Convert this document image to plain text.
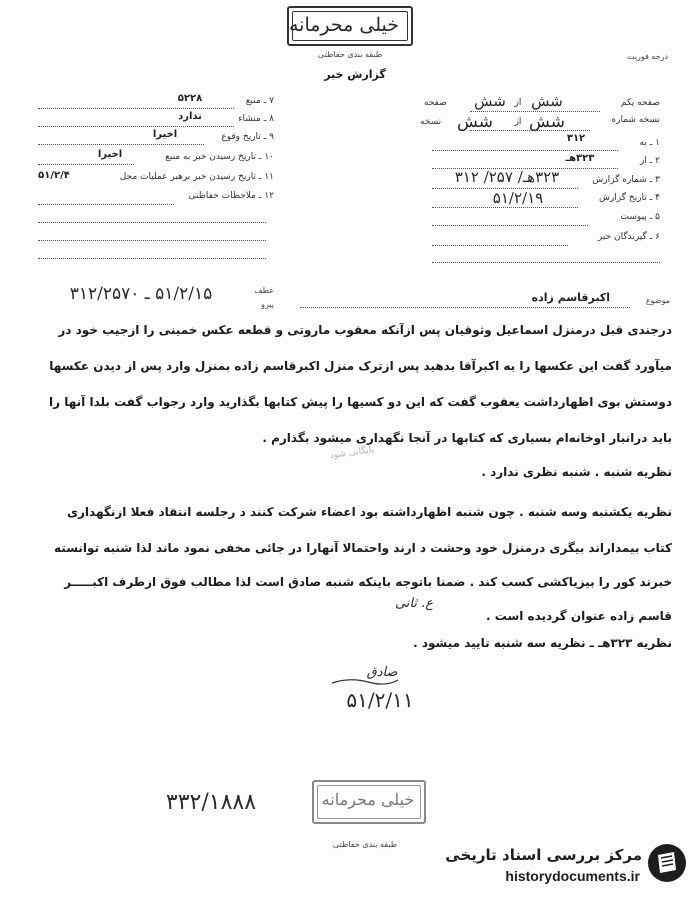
خیلی محرمانه
طبقه بندی حفاظتی
گزارش خبر
درجه فوریت
صفحه یکم
شش
از
شش
صفحه
نسخه شماره
شش
از
شش
نسخه
۱ ـ به
۳۱۲
۲ ـ از
۳۲۳هـ
۳ ـ شماره گزارش
۳۲۳هـ/ ۲۵۷/ ۳۱۲
۴ ـ تاریخ گزارش
۵۱/۲/۱۹
۵ ـ پیوست
۶ ـ گیرندگان خبر
۷ ـ منبع
۵۲۲۸
۸ ـ منشاء
ندارد
۹ ـ تاریخ وقوع
اخیرا
۱۰ ـ تاریخ رسیدن خبر به منبع
اخیرا
۱۱ ـ تاریخ رسیدن خبر برهبر عملیات محل
۵۱/۲/۴
۱۲ ـ ملاحظات حفاظتی
موضوع
اکبرقاسم زاده
عطف
پیرو
۵۱/۲/۱۵ ـ ۳۱۲/۲۵۷۰
درجندی قبل درمنزل اسماعیل وثوقیان پس ازآنکه معقوب ماروتی و قطعه عکس خمینی را ازجیب خود در
میآورد گفت این عکسها را به اکبرآقا بدهید پس ازترک منزل اکبرقاسم زاده بمنزل وارد پس از دیدن عکسها
دوستش بوی اظهارداشت یعقوب گفت که این دو کسیها را پیش کتابها بگذارید وارد رجواب گفت بلدا آنها را
باید درانبار اوخانه‌ام بسیاری که کتابها در آنجا نگهداری میشود بگذارم .
نظریه شنبه . شنبه نظری ندارد .
نظریه یکشنبه وسه شنبه . چون شنبه اظهارداشته بود اعضاء شرکت کنند د رجلسه انتقاد فعلا ازنگهداری
کتاب بیمداراند بیگری درمنزل خود وحشت د ارند واحتمالا آنهارا در جائی مخفی نمود ماند لذا شنبه توانسته
خبرند کور را بیزیاکشی کسب کند . ضمنا باتوجه باینکه شنبه صادق است لذا مطالب فوق ازطرف اکبـــــر
قاسم زاده عنوان گردیده است .
نظریه ۳۲۳هـ ـ نظریه سه شنبه تایید میشود .
ع. ثانی
بایگانی شود
صادق
۵۱/۲/۱۱
۳۳۲/۱۸۸۸	خیلی محرمانه
طبقه بندی حفاظتی
مرکز بررسی اسناد تاریخی
historydocuments.ir
